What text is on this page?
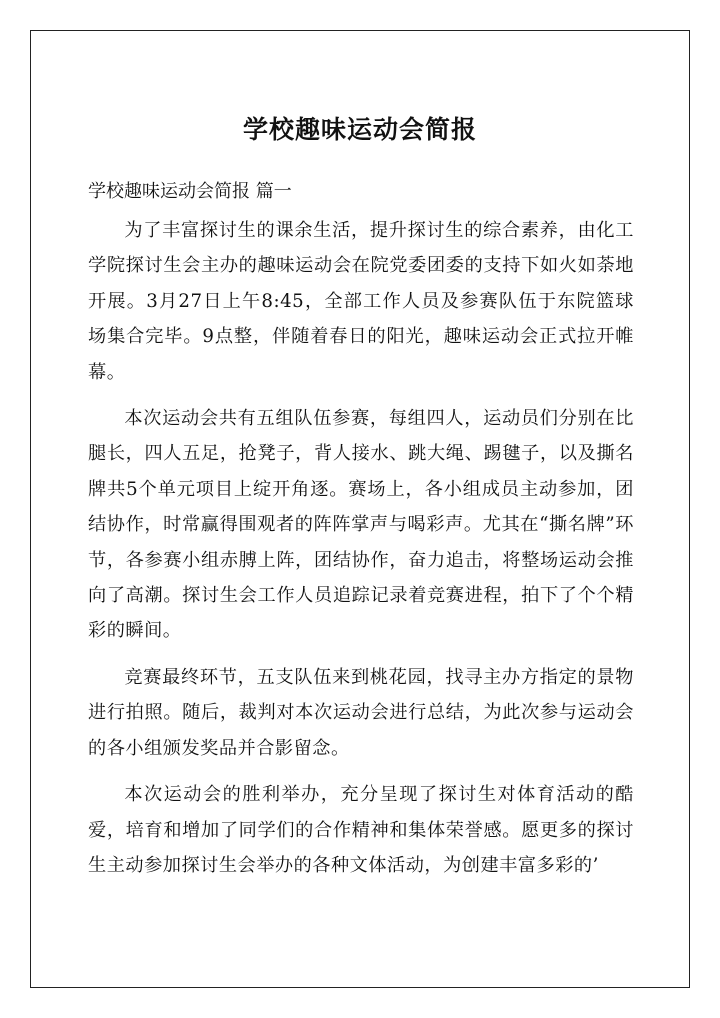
学校趣味运动会简报
学校趣味运动会简报 篇一

为了丰富探讨生的课余生活，提升探讨生的综合素养，由化工学院探讨生会主办的趣味运动会在院党委团委的支持下如火如荼地开展。3月27日上午8:45，全部工作人员及参赛队伍于东院篮球场集合完毕。9点整，伴随着春日的阳光，趣味运动会正式拉开帷幕。

本次运动会共有五组队伍参赛，每组四人，运动员们分别在比腿长，四人五足，抢凳子，背人接水、跳大绳、踢毽子，以及撕名牌共5个单元项目上绽开角逐。赛场上，各小组成员主动参加，团结协作，时常赢得围观者的阵阵掌声与喝彩声。尤其在“撕名牌”环节，各参赛小组赤膊上阵，团结协作，奋力追击，将整场运动会推向了高潮。探讨生会工作人员追踪记录着竞赛进程，拍下了个个精彩的瞬间。

竞赛最终环节，五支队伍来到桃花园，找寻主办方指定的景物进行拍照。随后，裁判对本次运动会进行总结，为此次参与运动会的各小组颁发奖品并合影留念。

本次运动会的胜利举办，充分呈现了探讨生对体育活动的酷爱，培育和增加了同学们的合作精神和集体荣誉感。愿更多的探讨生主动参加探讨生会举办的各种文体活动，为创建丰富多彩的’
